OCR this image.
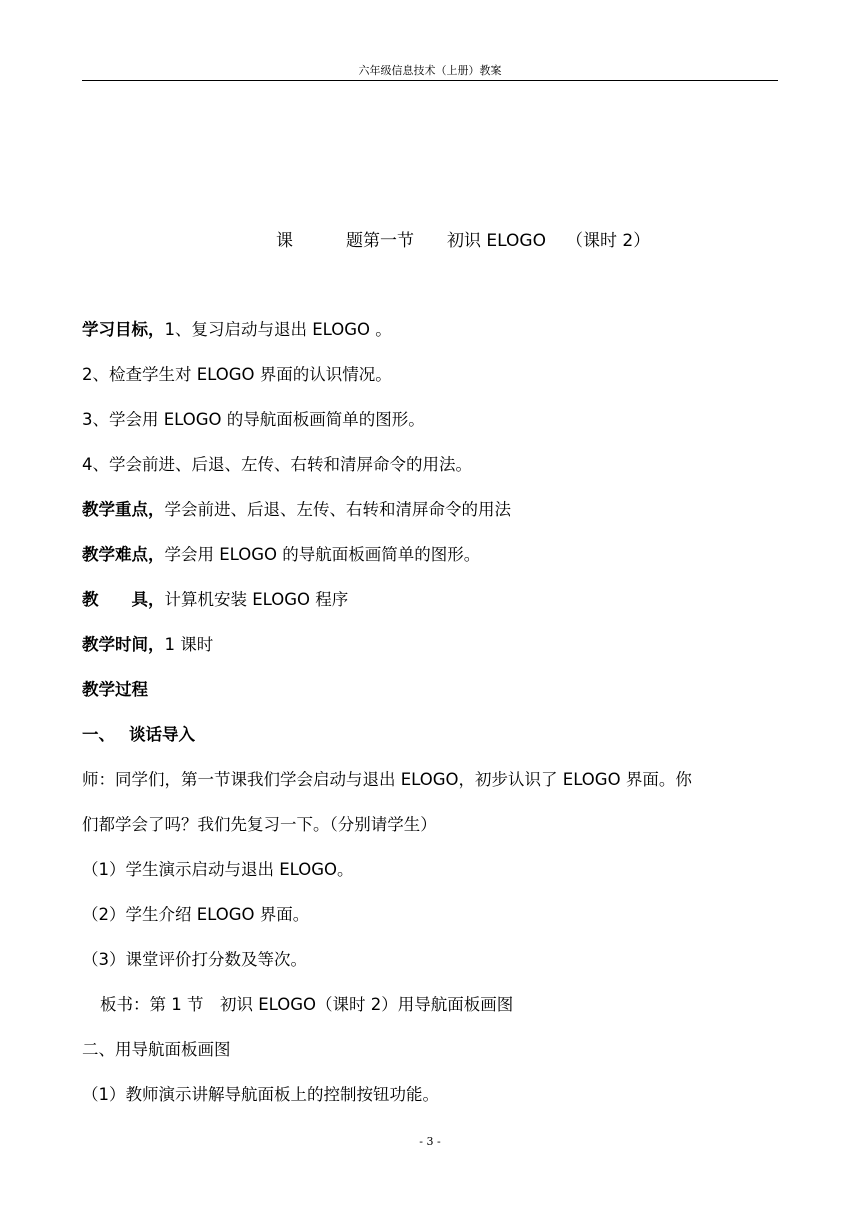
六年级信息技术（上册）教案
课	题第一节 初识 ELOGO （课时 2）
学习目标，1、复习启动与退出 ELOGO 。
2、检查学生对 ELOGO 界面的认识情况。
3、学会用 ELOGO 的导航面板画简单的图形。
4、学会前进、后退、左传、右转和清屏命令的用法。
教学重点，学会前进、后退、左传、右转和清屏命令的用法
教学难点，学会用 ELOGO 的导航面板画简单的图形。
教　　具，计算机安装 ELOGO 程序
教学时间，1 课时
教学过程
一、　 谈话导入
师：同学们，第一节课我们学会启动与退出 ELOGO，初步认识了 ELOGO 界面。你
们都学会了吗？我们先复习一下。（分别请学生）
（1）学生演示启动与退出 ELOGO。
（2）学生介绍 ELOGO 界面。
（3）课堂评价打分数及等次。
板书：第 1 节　初识 ELOGO（课时 2）用导航面板画图
二、用导航面板画图
（1）教师演示讲解导航面板上的控制按钮功能。
- 3 -
